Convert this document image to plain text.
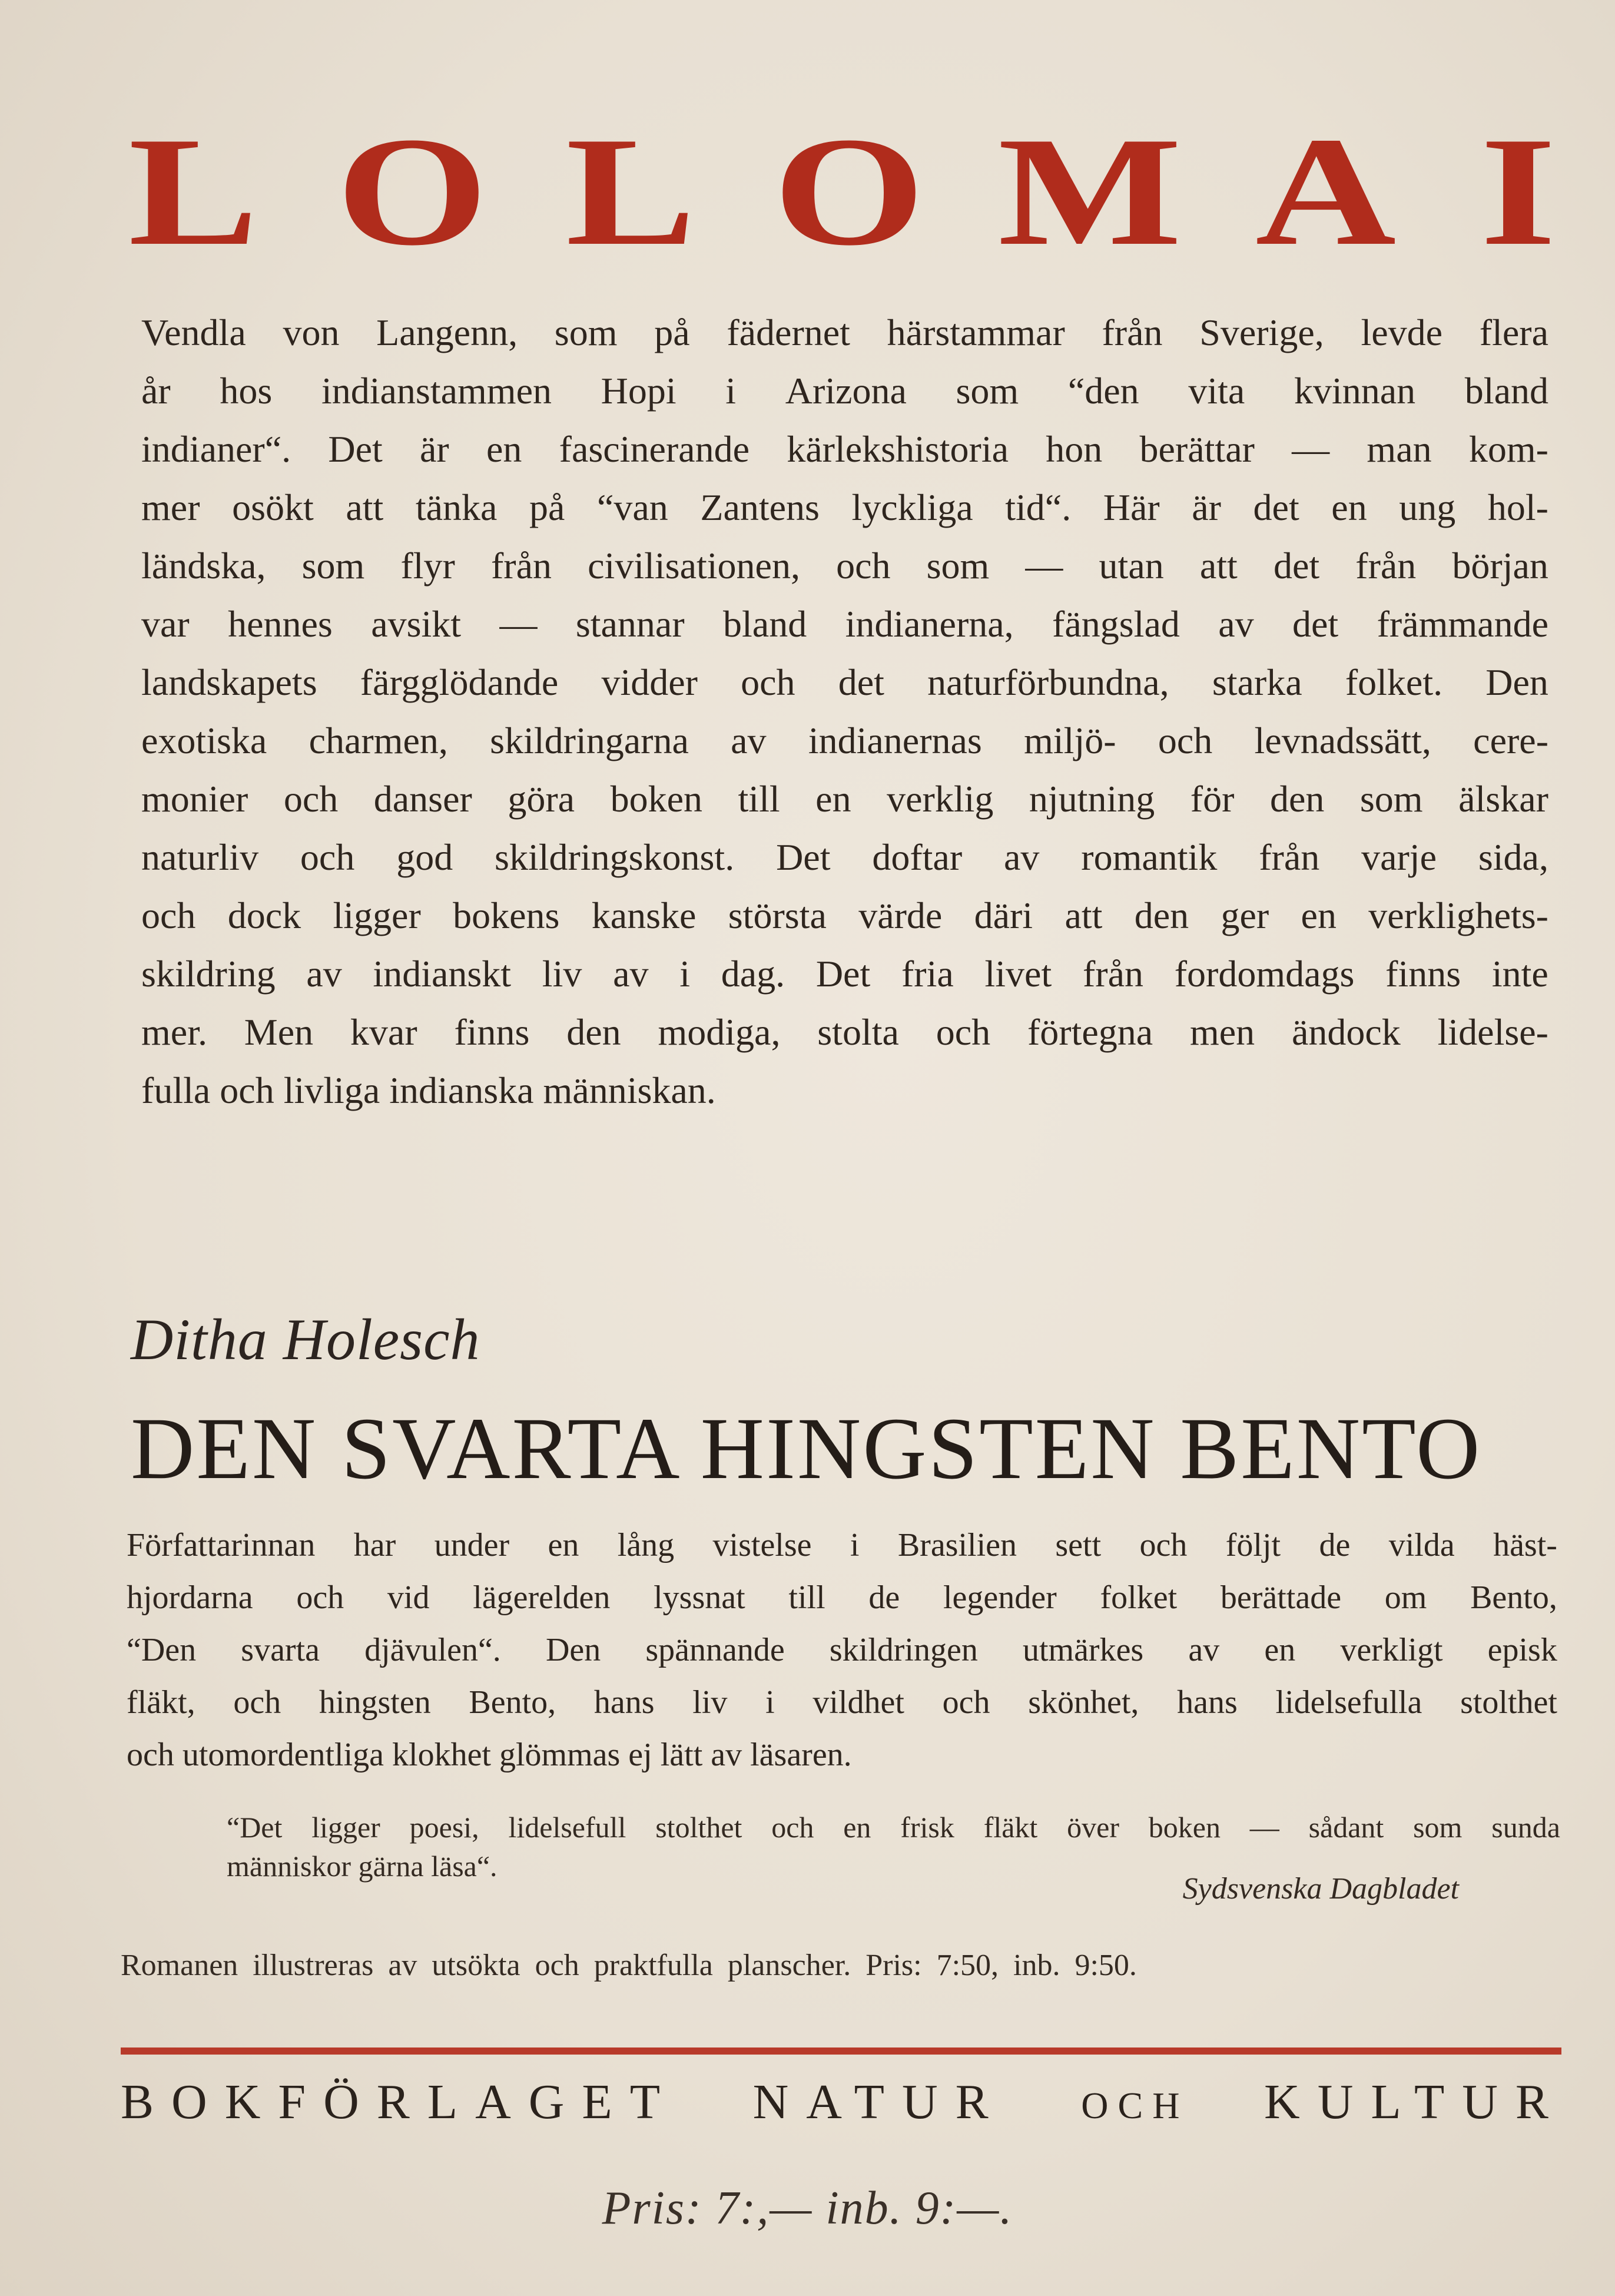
L O L O M A I
Vendla von Langenn, som på fädernet härstammar från Sverige, levde flera
år hos indianstammen Hopi i Arizona som “den vita kvinnan bland
indianer“. Det är en fascinerande kärlekshistoria hon berättar — man kom-
mer osökt att tänka på “van Zantens lyckliga tid“. Här är det en ung hol-
ländska, som flyr från civilisationen, och som — utan att det från början
var hennes avsikt — stannar bland indianerna, fängslad av det främmande
landskapets färgglödande vidder och det naturförbundna, starka folket. Den
exotiska charmen, skildringarna av indianernas miljö- och levnadssätt, cere-
monier och danser göra boken till en verklig njutning för den som älskar
naturliv och god skildringskonst. Det doftar av romantik från varje sida,
och dock ligger bokens kanske största värde däri att den ger en verklighets-
skildring av indianskt liv av i dag. Det fria livet från fordomdags finns inte
mer. Men kvar finns den modiga, stolta och förtegna men ändock lidelse-
fulla och livliga indianska människan.
Ditha Holesch
DEN SVARTA HINGSTEN BENTO
Författarinnan har under en lång vistelse i Brasilien sett och följt de vilda häst-
hjordarna och vid lägerelden lyssnat till de legender folket berättade om Bento,
“Den svarta djävulen“. Den spännande skildringen utmärkes av en verkligt episk
fläkt, och hingsten Bento, hans liv i vildhet och skönhet, hans lidelsefulla stolthet
och utomordentliga klokhet glömmas ej lätt av läsaren.
“Det ligger poesi, lidelsefull stolthet och en frisk fläkt över boken — sådant som sunda
människor gärna läsa“.
Sydsvenska Dagbladet
Romanen illustreras av utsökta och praktfulla planscher. Pris: 7:50, inb. 9:50.
BOKFÖRLAGET NATUR OCH KULTUR
Pris: 7:,— inb. 9:—.
